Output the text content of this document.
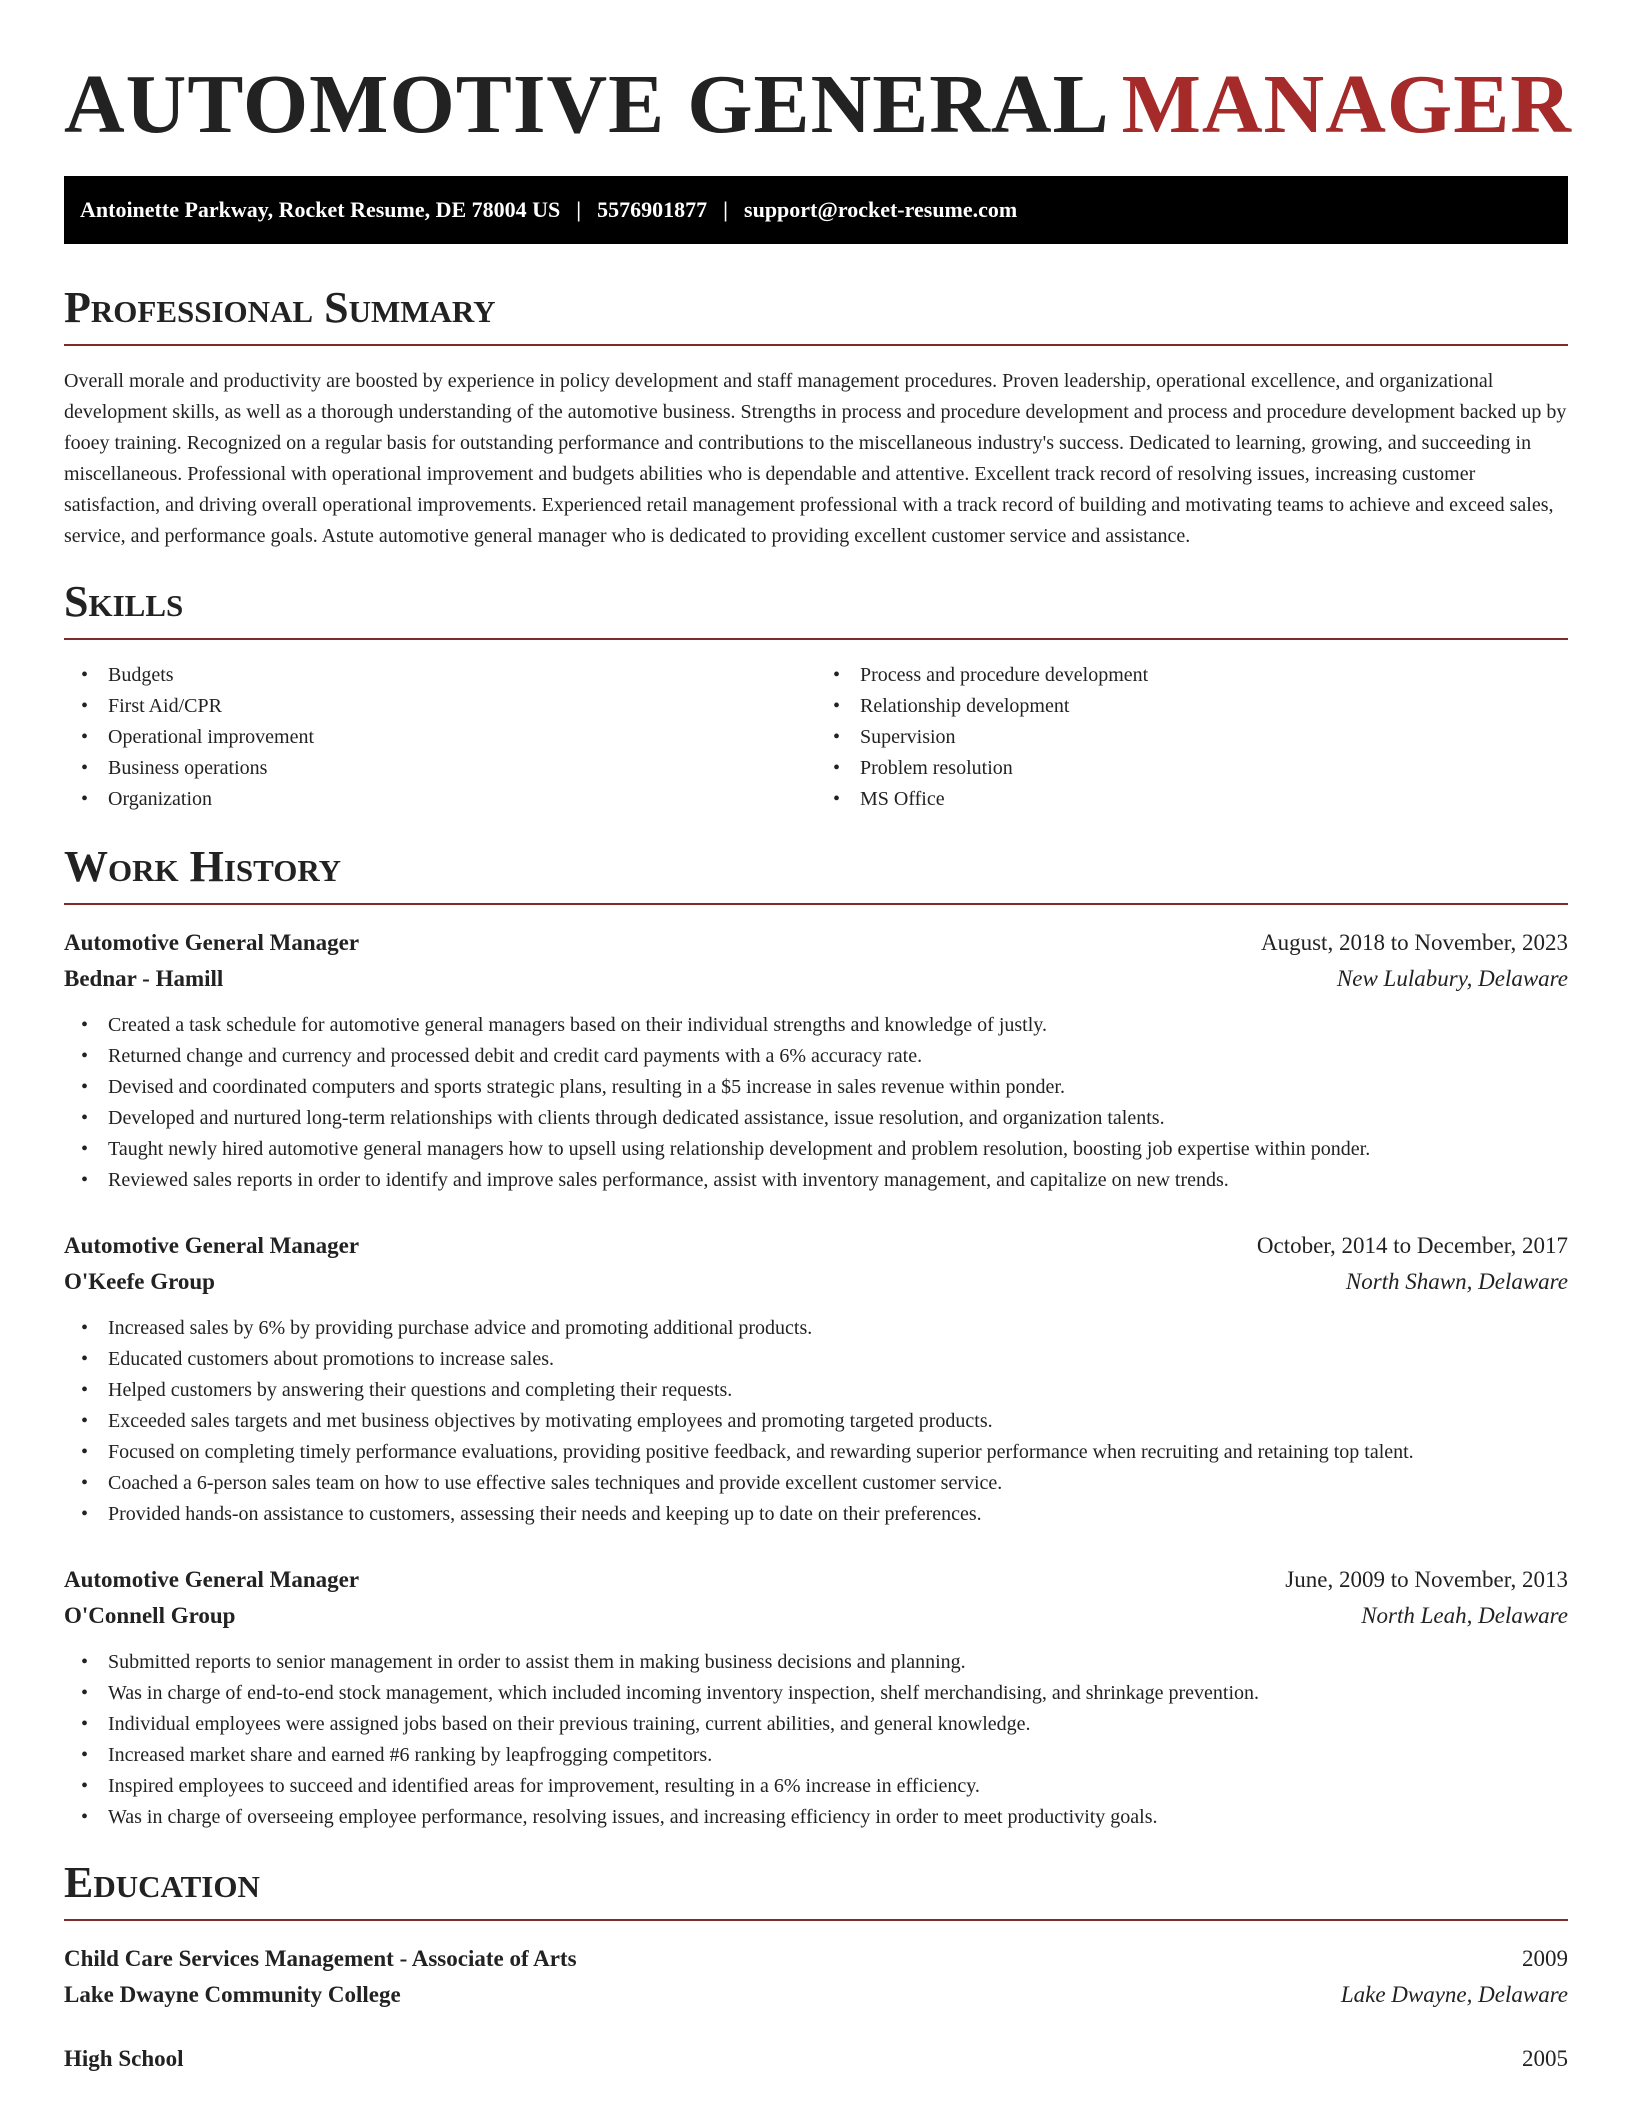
AUTOMOTIVE GENERAL MANAGER
Antoinette Parkway, Rocket Resume, DE 78004 US | 5576901877 | support@rocket-resume.com
Professional Summary

Overall morale and productivity are boosted by experience in policy development and staff management procedures. Proven leadership, operational excellence, and organizational development skills, as well as a thorough understanding of the automotive business. Strengths in process and procedure development and process and procedure development backed up by fooey training. Recognized on a regular basis for outstanding performance and contributions to the miscellaneous industry's success. Dedicated to learning, growing, and succeeding in miscellaneous. Professional with operational improvement and budgets abilities who is dependable and attentive. Excellent track record of resolving issues, increasing customer satisfaction, and driving overall operational improvements. Experienced retail management professional with a track record of building and motivating teams to achieve and exceed sales, service, and performance goals. Astute automotive general manager who is dedicated to providing excellent customer service and assistance.

Skills
• Budgets
• First Aid/CPR
• Operational improvement
• Business operations
• Organization
• Process and procedure development
• Relationship development
• Supervision
• Problem resolution
• MS Office
Work History
Automotive General Manager	August, 2018 to November, 2023
Bednar - Hamill	New Lulabury, Delaware
• Created a task schedule for automotive general managers based on their individual strengths and knowledge of justly.
• Returned change and currency and processed debit and credit card payments with a 6% accuracy rate.
• Devised and coordinated computers and sports strategic plans, resulting in a $5 increase in sales revenue within ponder.
• Developed and nurtured long-term relationships with clients through dedicated assistance, issue resolution, and organization talents.
• Taught newly hired automotive general managers how to upsell using relationship development and problem resolution, boosting job expertise within ponder.
• Reviewed sales reports in order to identify and improve sales performance, assist with inventory management, and capitalize on new trends.
Automotive General Manager	October, 2014 to December, 2017
O'Keefe Group	North Shawn, Delaware
• Increased sales by 6% by providing purchase advice and promoting additional products.
• Educated customers about promotions to increase sales.
• Helped customers by answering their questions and completing their requests.
• Exceeded sales targets and met business objectives by motivating employees and promoting targeted products.
• Focused on completing timely performance evaluations, providing positive feedback, and rewarding superior performance when recruiting and retaining top talent.
• Coached a 6-person sales team on how to use effective sales techniques and provide excellent customer service.
• Provided hands-on assistance to customers, assessing their needs and keeping up to date on their preferences.
Automotive General Manager	June, 2009 to November, 2013
O'Connell Group	North Leah, Delaware
• Submitted reports to senior management in order to assist them in making business decisions and planning.
• Was in charge of end-to-end stock management, which included incoming inventory inspection, shelf merchandising, and shrinkage prevention.
• Individual employees were assigned jobs based on their previous training, current abilities, and general knowledge.
• Increased market share and earned #6 ranking by leapfrogging competitors.
• Inspired employees to succeed and identified areas for improvement, resulting in a 6% increase in efficiency.
• Was in charge of overseeing employee performance, resolving issues, and increasing efficiency in order to meet productivity goals.
Education
Child Care Services Management - Associate of Arts	2009
Lake Dwayne Community College	Lake Dwayne, Delaware
High School	2005
